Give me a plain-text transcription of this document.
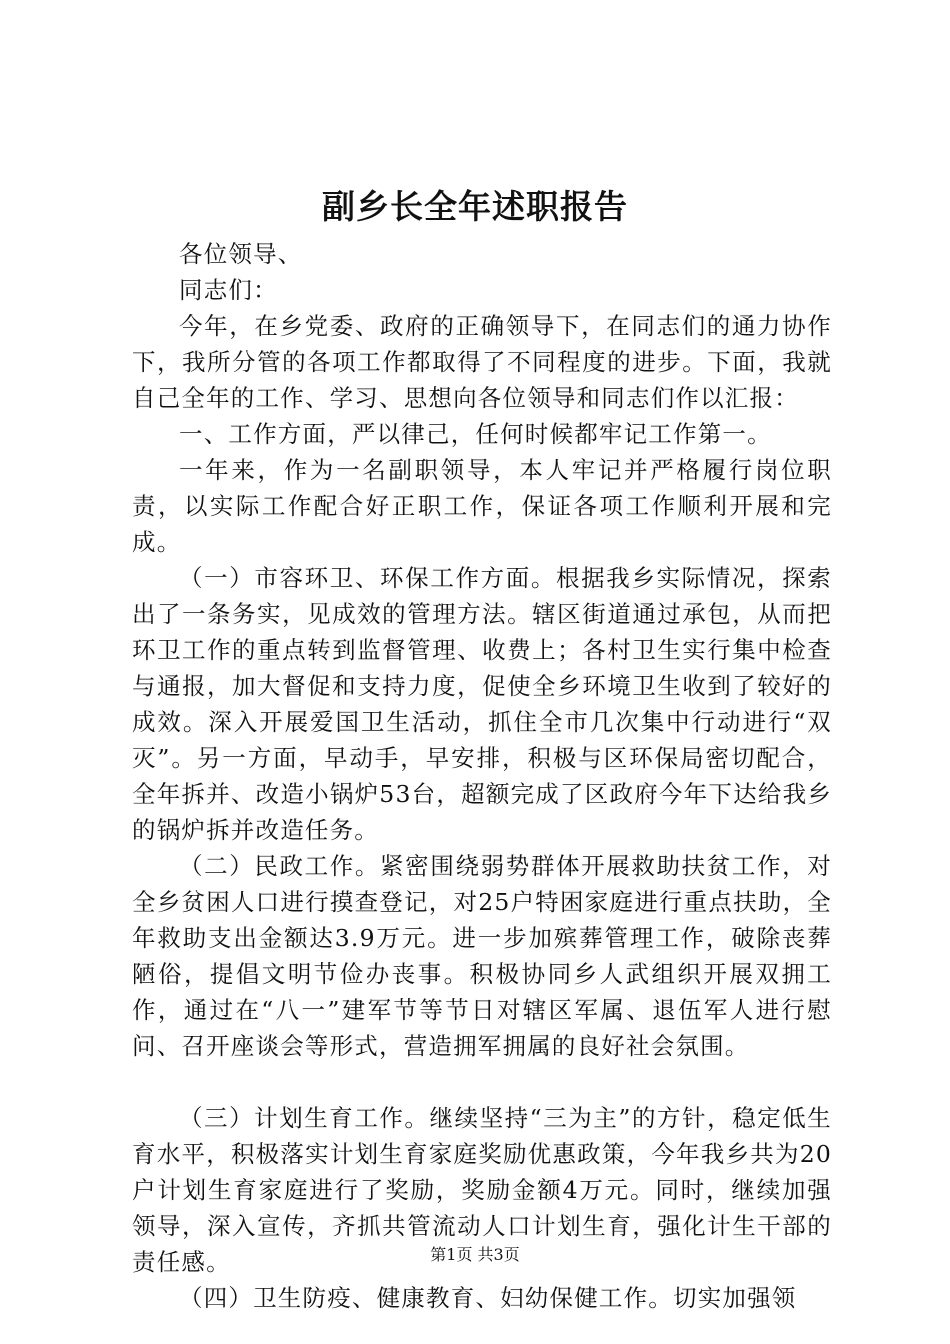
副乡长全年述职报告

各位领导、

同志们：

今年，在乡党委、政府的正确领导下，在同志们的通力协作下，我所分管的各项工作都取得了不同程度的进步。下面，我就自己全年的工作、学习、思想向各位领导和同志们作以汇报：

一、工作方面，严以律己，任何时候都牢记工作第一。

一年来，作为一名副职领导，本人牢记并严格履行岗位职责，以实际工作配合好正职工作，保证各项工作顺利开展和完成。

（一）市容环卫、环保工作方面。根据我乡实际情况，探索出了一条务实，见成效的管理方法。辖区街道通过承包，从而把环卫工作的重点转到监督管理、收费上；各村卫生实行集中检查与通报，加大督促和支持力度，促使全乡环境卫生收到了较好的成效。深入开展爱国卫生活动，抓住全市几次集中行动进行“双灭”。另一方面，早动手，早安排，积极与区环保局密切配合，全年拆并、改造小锅炉53台，超额完成了区政府今年下达给我乡的锅炉拆并改造任务。

（二）民政工作。紧密围绕弱势群体开展救助扶贫工作，对全乡贫困人口进行摸查登记，对25户特困家庭进行重点扶助，全年救助支出金额达3.9万元。进一步加殡葬管理工作，破除丧葬陋俗，提倡文明节俭办丧事。积极协同乡人武组织开展双拥工作，通过在“八一”建军节等节日对辖区军属、退伍军人进行慰问、召开座谈会等形式，营造拥军拥属的良好社会氛围。

（三）计划生育工作。继续坚持“三为主”的方针，稳定低生育水平，积极落实计划生育家庭奖励优惠政策，今年我乡共为20户计划生育家庭进行了奖励，奖励金额4万元。同时，继续加强领导，深入宣传，齐抓共管流动人口计划生育，强化计生干部的责任感。

（四）卫生防疫、健康教育、妇幼保健工作。切实加强领

第1页 共3页
